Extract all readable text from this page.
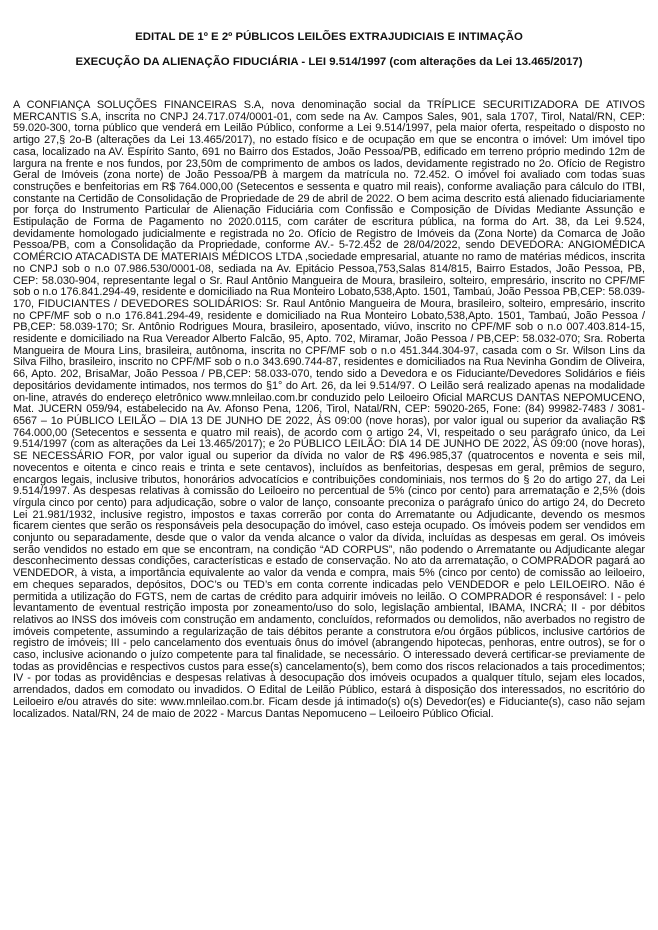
EDITAL DE 1º E 2º PÚBLICOS LEILÕES EXTRAJUDICIAIS E INTIMAÇÃO
EXECUÇÃO DA ALIENAÇÃO FIDUCIÁRIA - LEI 9.514/1997 (com alterações da Lei 13.465/2017)

A CONFIANÇA SOLUÇÕES FINANCEIRAS S.A, nova denominação social da TRÍPLICE SECURITIZADORA DE ATIVOS MERCANTIS S.A, inscrita no CNPJ 24.717.074/0001-01, com sede na Av. Campos Sales, 901, sala 1707, Tirol, Natal/RN, CEP: 59.020-300, torna público que venderá em Leilão Público, conforme a Lei 9.514/1997, pela maior oferta, respeitado o disposto no artigo 27,§ 2o-B (alterações da Lei 13.465/2017), no estado físico e de ocupação em que se encontra o imóvel: Um imóvel tipo casa, localizado na AV. Espírito Santo, 691 no Bairro dos Estados, João Pessoa/PB, edificado em terreno próprio medindo 12m de largura na frente e nos fundos, por 23,50m de comprimento de ambos os lados, devidamente registrado no 2o. Ofício de Registro Geral de Imóveis (zona norte) de João Pessoa/PB à margem da matrícula no. 72.452. O imóvel foi avaliado com todas suas construções e benfeitorias em R$ 764.000,00 (Setecentos e sessenta e quatro mil reais), conforme avaliação para cálculo do ITBI, constante na Certidão de Consolidação de Propriedade de 29 de abril de 2022. O bem acima descrito está alienado fiduciariamente por força do Instrumento Particular de Alienação Fiduciária com Confissão e Composição de Dívidas Mediante Assunção e Estipulação de Forma de Pagamento no 2020.0115, com caráter de escritura pública, na forma do Art. 38, da Lei 9.524, devidamente homologado judicialmente e registrada no 2o. Ofício de Registro de Imóveis da (Zona Norte) da Comarca de João Pessoa/PB, com a Consolidação da Propriedade, conforme AV.- 5-72.452 de 28/04/2022, sendo DEVEDORA: ANGIOMÉDICA COMÉRCIO ATACADISTA DE MATERIAIS MÉDICOS LTDA ,sociedade empresarial, atuante no ramo de matérias médicos, inscrita no CNPJ sob o n.o 07.986.530/0001-08, sediada na Av. Epitácio Pessoa,753,Salas 814/815, Bairro Estados, João Pessoa, PB, CEP: 58.030-904, representante legal o Sr. Raul Antônio Mangueira de Moura, brasileiro, solteiro, empresário, inscrito no CPF/MF sob o n.o 176.841.294-49, residente e domiciliado na Rua Monteiro Lobato,538,Apto. 1501, Tambaú, João Pessoa PB,CEP: 58.039-170, FIDUCIANTES / DEVEDORES SOLIDÁRIOS: Sr. Raul Antônio Mangueira de Moura, brasileiro, solteiro, empresário, inscrito no CPF/MF sob o n.o 176.841.294-49, residente e domiciliado na Rua Monteiro Lobato,538,Apto. 1501, Tambaú, João Pessoa / PB,CEP: 58.039-170; Sr. Antônio Rodrigues Moura, brasileiro, aposentado, viúvo, inscrito no CPF/MF sob o n.o 007.403.814-15, residente e domiciliado na Rua Vereador Alberto Falcão, 95, Apto. 702, Miramar, João Pessoa / PB,CEP: 58.032-070; Sra. Roberta Mangueira de Moura Lins, brasileira, autônoma, inscrita no CPF/MF sob o n.o 451.344.304-97, casada com o Sr. Wilson Lins da Silva Filho, brasileiro, inscrito no CPF/MF sob o n.o 343.690.744-87, residentes e domiciliados na Rua Nevinha Gondim de Oliveira, 66, Apto. 202, BrisaMar, João Pessoa / PB,CEP: 58.033-070, tendo sido a Devedora e os Fiduciante/Devedores Solidários e fiéis depositários devidamente intimados, nos termos do §1° do Art. 26, da lei 9.514/97. O Leilão será realizado apenas na modalidade on-line, através do endereço eletrônico www.mnleilao.com.br conduzido pelo Leiloeiro Oficial MARCUS DANTAS NEPOMUCENO, Mat. JUCERN 059/94, estabelecido na Av. Afonso Pena, 1206, Tirol, Natal/RN, CEP: 59020-265, Fone: (84) 99982-7483 / 3081-6567 – 1o PÚBLICO LEILÃO – DIA 13 DE JUNHO DE 2022, ÀS 09:00 (nove horas), por valor igual ou superior da avaliação R$ 764.000,00 (Setecentos e sessenta e quatro mil reais), de acordo com o artigo 24, VI, respeitado o seu parágrafo único, da Lei 9.514/1997 (com as alterações da Lei 13.465/2017); e 2o PÚBLICO LEILÃO: DIA 14 DE JUNHO DE 2022, ÀS 09:00 (nove horas), SE NECESSÁRIO FOR, por valor igual ou superior da dívida no valor de R$ 496.985,37 (quatrocentos e noventa e seis mil, novecentos e oitenta e cinco reais e trinta e sete centavos), incluídos as benfeitorias, despesas em geral, prêmios de seguro, encargos legais, inclusive tributos, honorários advocatícios e contribuições condominiais, nos termos do § 2o do artigo 27, da Lei 9.514/1997. As despesas relativas à comissão do Leiloeiro no percentual de 5% (cinco por cento) para arrematação e 2,5% (dois vírgula cinco por cento) para adjudicação, sobre o valor de lanço, consoante preconiza o parágrafo único do artigo 24, do Decreto Lei 21.981/1932, inclusive registro, impostos e taxas correrão por conta do Arrematante ou Adjudicante, devendo os mesmos ficarem cientes que serão os responsáveis pela desocupação do imóvel, caso esteja ocupado. Os imóveis podem ser vendidos em conjunto ou separadamente, desde que o valor da venda alcance o valor da dívida, incluídas as despesas em geral. Os imóveis serão vendidos no estado em que se encontram, na condição “AD CORPUS”, não podendo o Arrematante ou Adjudicante alegar desconhecimento dessas condições, características e estado de conservação. No ato da arrematação, o COMPRADOR pagará ao VENDEDOR, à vista, a importância equivalente ao valor da venda e compra, mais 5% (cinco por cento) de comissão ao leiloeiro, em cheques separados, depósitos, DOC’s ou TED’s em conta corrente indicadas pelo VENDEDOR e pelo LEILOEIRO. Não é permitida a utilização do FGTS, nem de cartas de crédito para adquirir imóveis no leilão. O COMPRADOR é responsável: I - pelo levantamento de eventual restrição imposta por zoneamento/uso do solo, legislação ambiental, IBAMA, INCRA; II - por débitos relativos ao INSS dos imóveis com construção em andamento, concluídos, reformados ou demolidos, não averbados no registro de imóveis competente, assumindo a regularização de tais débitos perante a construtora e/ou órgãos públicos, inclusive cartórios de registro de imóveis; III - pelo cancelamento dos eventuais ônus do imóvel (abrangendo hipotecas, penhoras, entre outros), se for o caso, inclusive acionando o juízo competente para tal finalidade, se necessário. O interessado deverá certificar-se previamente de todas as providências e respectivos custos para esse(s) cancelamento(s), bem como dos riscos relacionados a tais procedimentos; IV - por todas as providências e despesas relativas à desocupação dos imóveis ocupados a qualquer título, sejam eles locados, arrendados, dados em comodato ou invadidos. O Edital de Leilão Público, estará à disposição dos interessados, no escritório do Leiloeiro e/ou através do site: www.mnleilao.com.br. Ficam desde já intimado(s) o(s) Devedor(es) e Fiduciante(s), caso não sejam localizados. Natal/RN, 24 de maio de 2022 - Marcus Dantas Nepomuceno – Leiloeiro Público Oficial.
